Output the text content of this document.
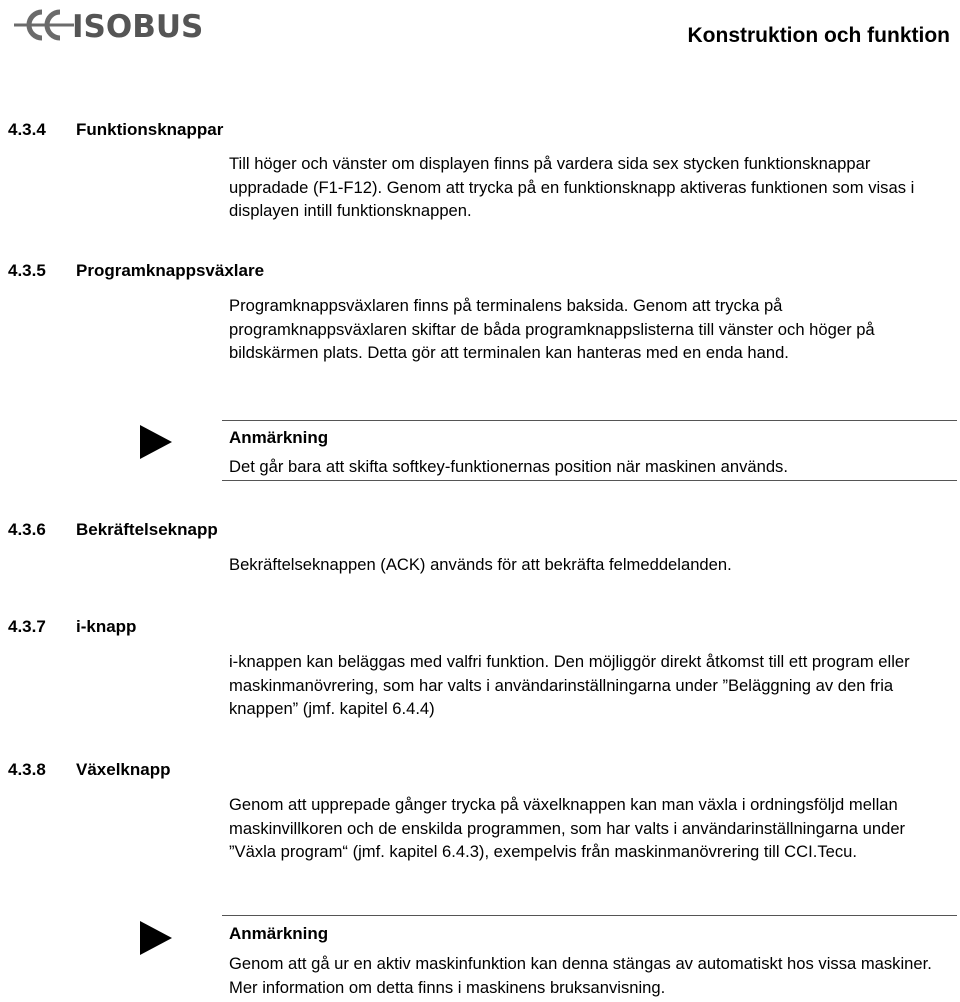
ISOBUS	Konstruktion och funktion
4.3.4 Funktionsknappar

Till höger och vänster om displayen finns på vardera sida sex stycken funktionsknappar uppradade (F1-F12). Genom att trycka på en funktionsknapp aktiveras funktionen som visas i displayen intill funktionsknappen.

4.3.5 Programknappsväxlare

Programknappsväxlaren finns på terminalens baksida. Genom att trycka på programknappsväxlaren skiftar de båda programknappslisterna till vänster och höger på bildskärmen plats. Detta gör att terminalen kan hanteras med en enda hand.

Anmärkning

Det går bara att skifta softkey-funktionernas position när maskinen används.

4.3.6 Bekräftelseknapp

Bekräftelseknappen (ACK) används för att bekräfta felmeddelanden.

4.3.7 i-knapp

i-knappen kan beläggas med valfri funktion. Den möjliggör direkt åtkomst till ett program eller maskinmanövrering, som har valts i användarinställningarna under ”Beläggning av den fria knappen” (jmf. kapitel 6.4.4)

4.3.8 Växelknapp

Genom att upprepade gånger trycka på växelknappen kan man växla i ordningsföljd mellan maskinvillkoren och de enskilda programmen, som har valts i användarinställningarna under ”Växla program“ (jmf. kapitel 6.4.3), exempelvis från maskinmanövrering till CCI.Tecu.

Anmärkning

Genom att gå ur en aktiv maskinfunktion kan denna stängas av automatiskt hos vissa maskiner. Mer information om detta finns i maskinens bruksanvisning.
